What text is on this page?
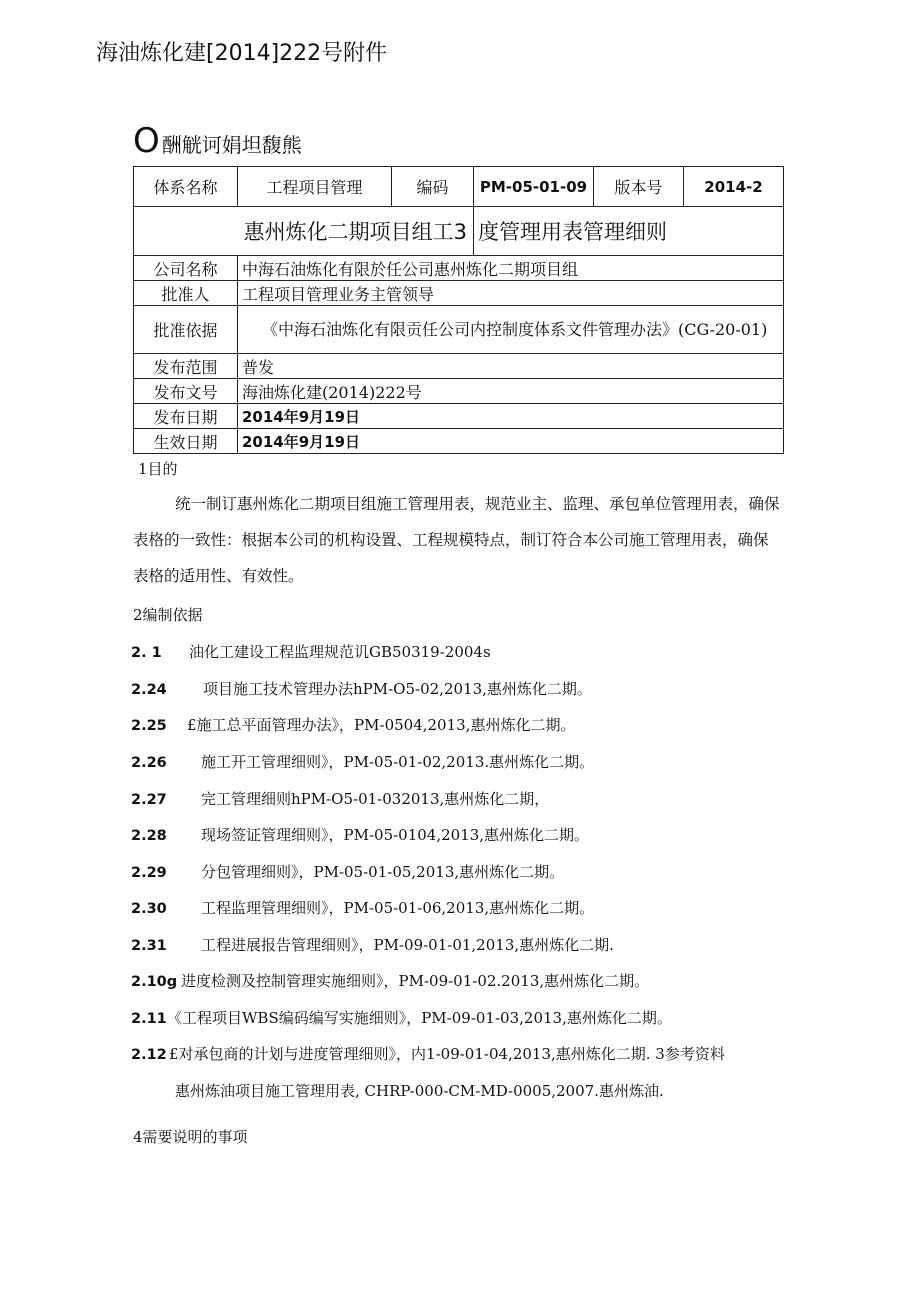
海油炼化建[2014]222号附件
O 酬觥诃娟坦馥熊
体系名称	工程项目管理	编码	PM-05-01-09	版本号	2014-2
惠州炼化二期项目组工3			度管理用表管理细则		
公司名称	中海石油炼化有限於任公司惠州炼化二期项目组				
批准人	工程项目管理业务主管领导				
批准依据	《中海石油炼化有限贡任公司内控制度体系文件管理办法》(CG-20-01)				
发布范围	普发				
发布文号	海油炼化建(2014)222号				
发布日期	2014年9月19日				
生效日期	2014年9月19日				
1目的
统一制订惠州炼化二期项目组施工管理用表，规范业主、监理、承包单位管理用表，确保表格的一致性：根据本公司的机构设置、工程规模特点，制订符合本公司施工管理用表，确保表格的适用性、有效性。
2编制依据
2. 1 油化工建设工程监理规范讥GB50319-2004s
2.24 项目施工技术管理办法hPM-O5-02,2013,惠州炼化二期。
2.25 £施工总平面管理办法》，PM-0504,2013,惠州炼化二期。
2.26 施工开工管理细则》，PM-05-01-02,2013.惠州炼化二期。
2.27 完工管理细则hPM-O5-01-032013,惠州炼化二期，
2.28 现场签证管理细则》，PM-05-0104,2013,惠州炼化二期。
2.29 分包管理细则》，PM-05-01-05,2013,惠州炼化二期。
2.30 工程监理管理细则》，PM-05-01-06,2013,惠州炼化二期。
2.31 工程进展报告管理细则》，PM-09-01-01,2013,惠州炼化二期.
2.10g 进度检测及控制管理实施细则》，PM-09-01-02.2013,惠州炼化二期。
2.11《工程项目WBS编码编写实施细则》，PM-09-01-03,2013,惠州炼化二期。
2.12 £对承包商的计划与进度管理细则》，内1-09-01-04,2013,惠州炼化二期. 3参考资料
惠州炼油项目施工管理用表, CHRP-000-CM-MD-0005,2007.惠州炼油.
4需要说明的事项
